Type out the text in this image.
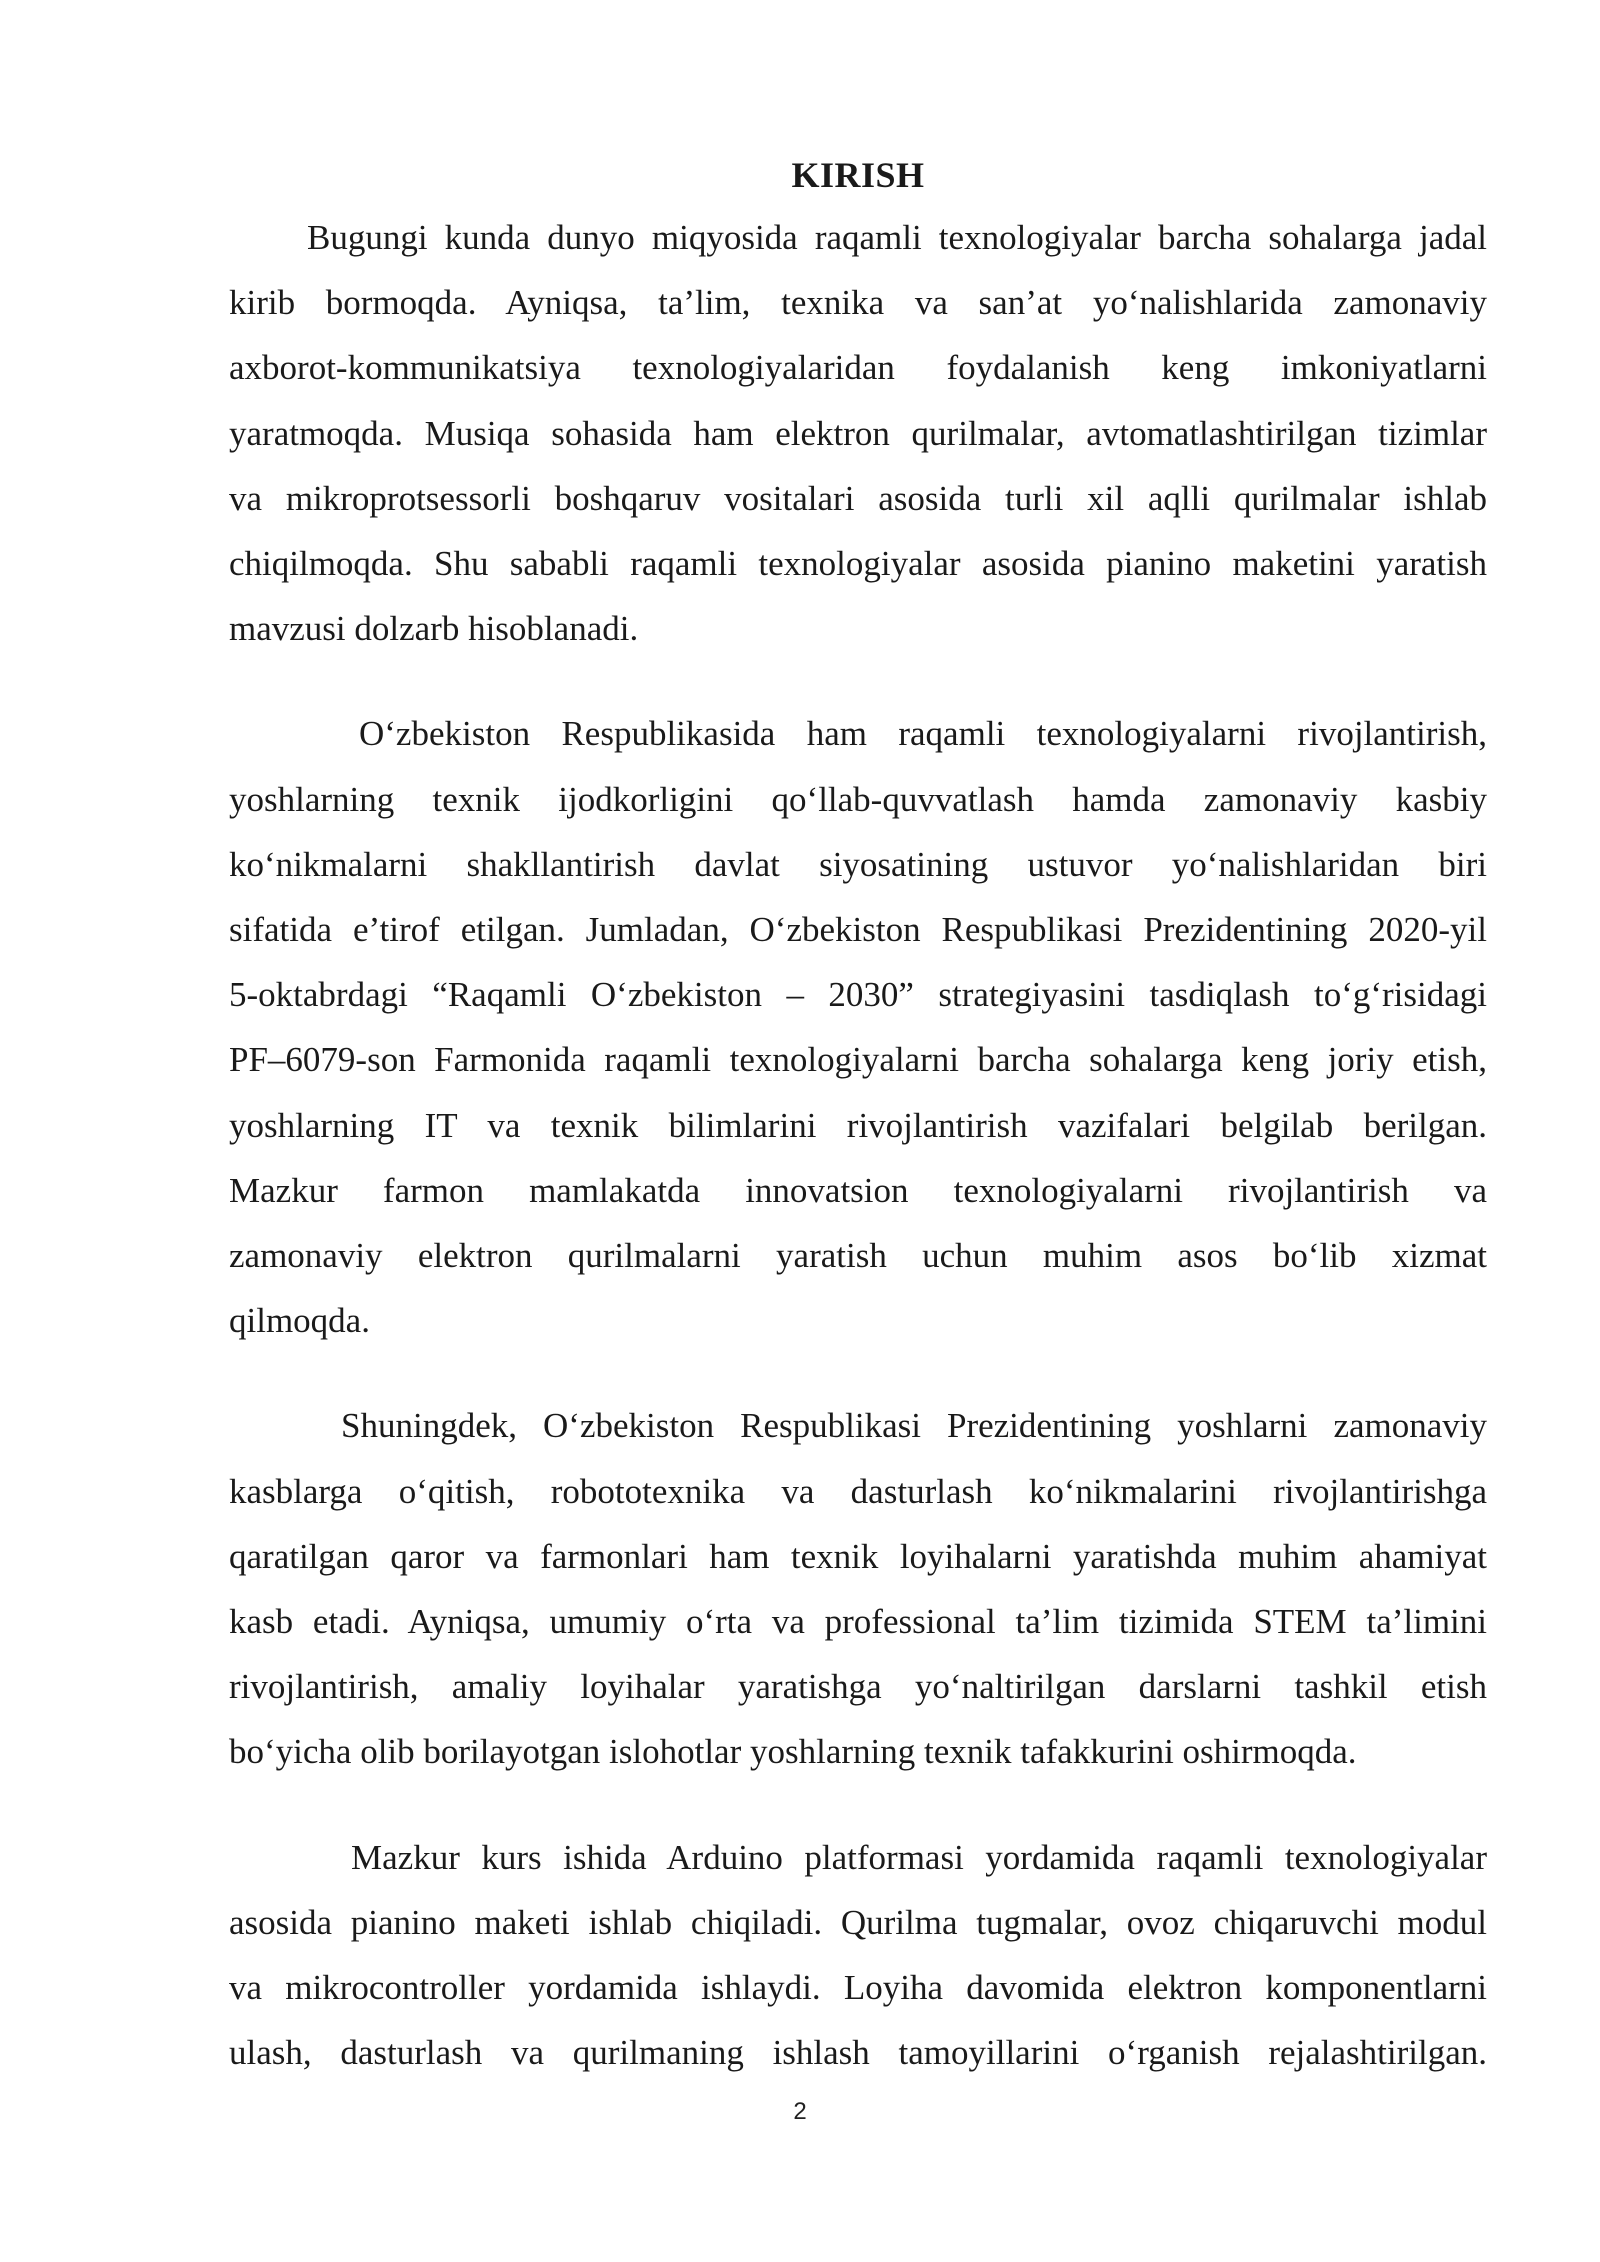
KIRISH

Bugungi kunda dunyo miqyosida raqamli texnologiyalar barcha sohalarga jadal
kirib bormoqda. Ayniqsa, ta’lim, texnika va san’at yo‘nalishlarida zamonaviy
axborot-kommunikatsiya texnologiyalaridan foydalanish keng imkoniyatlarni
yaratmoqda. Musiqa sohasida ham elektron qurilmalar, avtomatlashtirilgan tizimlar
va mikroprotsessorli boshqaruv vositalari asosida turli xil aqlli qurilmalar ishlab
chiqilmoqda. Shu sababli raqamli texnologiyalar asosida pianino maketini yaratish
mavzusi dolzarb hisoblanadi.

O‘zbekiston Respublikasida ham raqamli texnologiyalarni rivojlantirish,
yoshlarning texnik ijodkorligini qo‘llab-quvvatlash hamda zamonaviy kasbiy
ko‘nikmalarni shakllantirish davlat siyosatining ustuvor yo‘nalishlaridan biri
sifatida e’tirof etilgan. Jumladan, O‘zbekiston Respublikasi Prezidentining 2020-yil
5-oktabrdagi “Raqamli O‘zbekiston – 2030” strategiyasini tasdiqlash to‘g‘risidagi
PF–6079-son Farmonida raqamli texnologiyalarni barcha sohalarga keng joriy etish,
yoshlarning IT va texnik bilimlarini rivojlantirish vazifalari belgilab berilgan.
Mazkur farmon mamlakatda innovatsion texnologiyalarni rivojlantirish va
zamonaviy elektron qurilmalarni yaratish uchun muhim asos bo‘lib xizmat
qilmoqda.

Shuningdek, O‘zbekiston Respublikasi Prezidentining yoshlarni zamonaviy
kasblarga o‘qitish, robototexnika va dasturlash ko‘nikmalarini rivojlantirishga
qaratilgan qaror va farmonlari ham texnik loyihalarni yaratishda muhim ahamiyat
kasb etadi. Ayniqsa, umumiy o‘rta va professional ta’lim tizimida STEM ta’limini
rivojlantirish, amaliy loyihalar yaratishga yo‘naltirilgan darslarni tashkil etish
bo‘yicha olib borilayotgan islohotlar yoshlarning texnik tafakkurini oshirmoqda.

Mazkur kurs ishida Arduino platformasi yordamida raqamli texnologiyalar
asosida pianino maketi ishlab chiqiladi. Qurilma tugmalar, ovoz chiqaruvchi modul
va mikrocontroller yordamida ishlaydi. Loyiha davomida elektron komponentlarni
ulash, dasturlash va qurilmaning ishlash tamoyillarini o‘rganish rejalashtirilgan.

2
